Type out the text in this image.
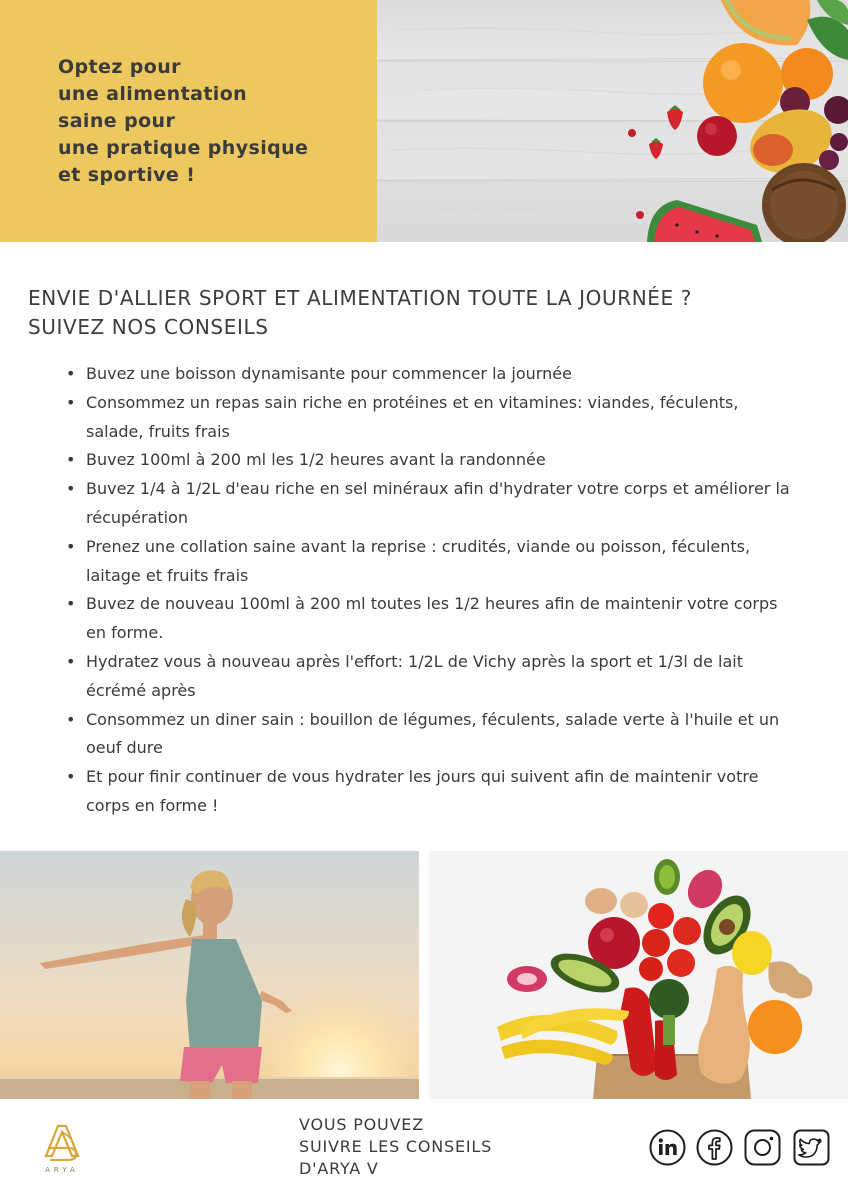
Optez pour
une alimentation
saine pour
une pratique physique
et sportive !
ENVIE D'ALLIER SPORT ET ALIMENTATION TOUTE LA JOURNÉE ?
SUIVEZ NOS CONSEILS
• Buvez une boisson dynamisante pour commencer la journée
• Consommez un repas sain riche en protéines et en vitamines: viandes, féculents, salade, fruits frais
• Buvez 100ml à 200 ml les 1/2 heures avant la randonnée
• Buvez 1/4 à 1/2L d'eau riche en sel minéraux afin d'hydrater votre corps et améliorer la récupération
• Prenez une collation saine avant la reprise : crudités, viande ou poisson, féculents, laitage et fruits frais
• Buvez de nouveau 100ml à 200 ml toutes les 1/2 heures afin de maintenir votre corps en forme.
• Hydratez vous à nouveau après l'effort: 1/2L de Vichy après la sport et 1/3l de lait écrémé après
• Consommez un diner sain : bouillon de légumes, féculents, salade verte à l'huile et un oeuf dure
• Et pour finir continuer de vous hydrater les jours qui suivent afin de maintenir votre corps en forme !
ARYA
VOUS POUVEZ
SUIVRE LES CONSEILS
D'ARYA V
